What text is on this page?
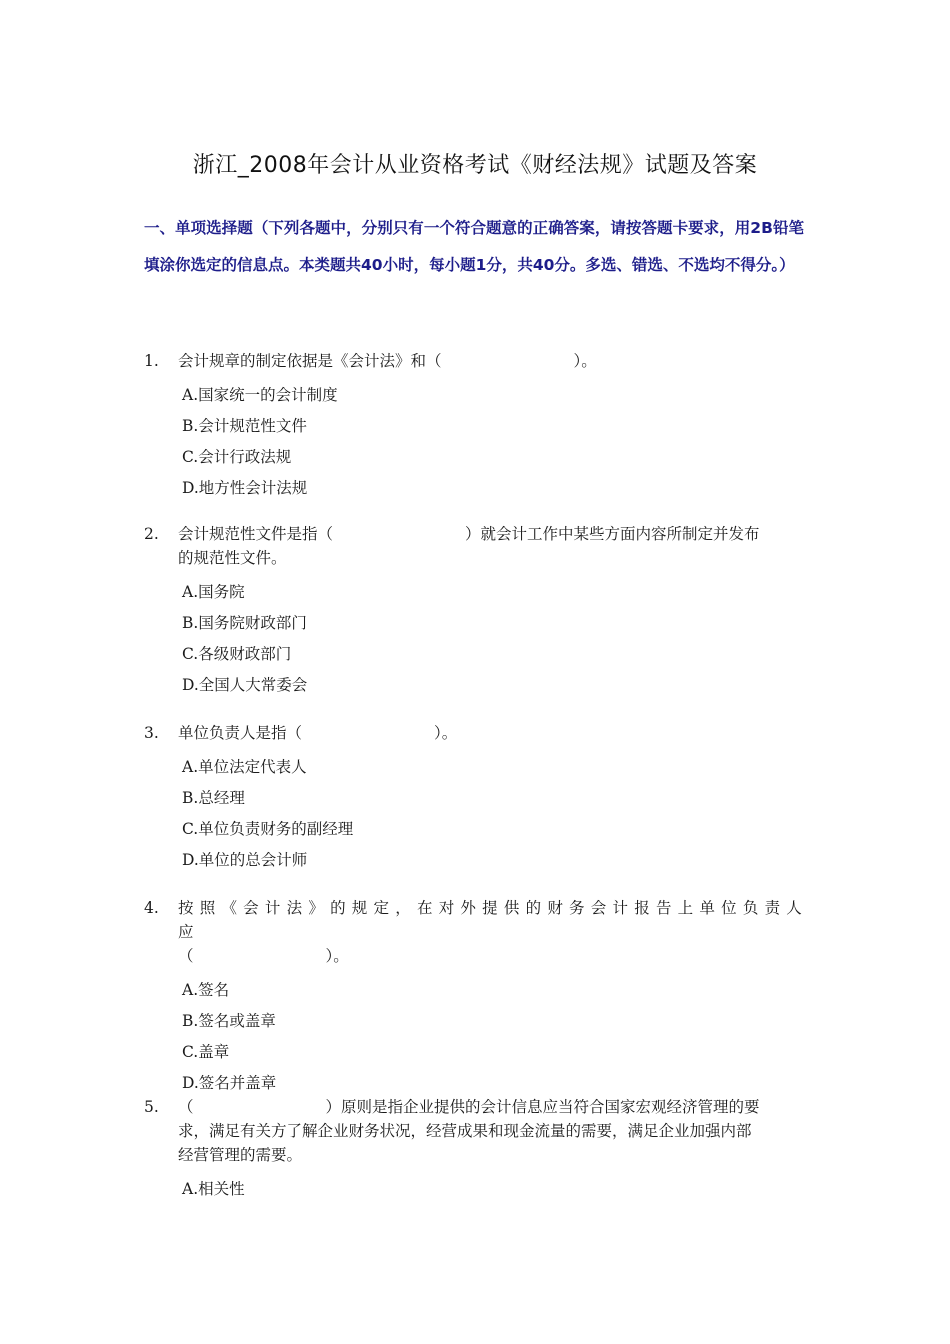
浙江_2008年会计从业资格考试《财经法规》试题及答案
一、单项选择题（下列各题中，分别只有一个符合题意的正确答案，请按答题卡要求，用2B铅笔填涂你选定的信息点。本类题共40小时，每小题1分，共40分。多选、错选、不选均不得分。）
1. 会计规章的制定依据是《会计法》和（	）。
A.国家统一的会计制度
B.会计规范性文件
C.会计行政法规
D.地方性会计法规
2. 会计规范性文件是指（	）就会计工作中某些方面内容所制定并发布
的规范性文件。
A.国务院
B.国务院财政部门
C.各级财政部门
D.全国人大常委会
3. 单位负责人是指（	）。
A.单位法定代表人
B.总经理
C.单位负责财务的副经理
D.单位的总会计师
4. 按照《会计法》的规定，在对外提供的财务会计报告上单位负责人应
（	）。
A.签名
B.签名或盖章
C.盖章
D.签名并盖章
5. （	）原则是指企业提供的会计信息应当符合国家宏观经济管理的要
求，满足有关方了解企业财务状况，经营成果和现金流量的需要，满足企业加强内部
经营管理的需要。
A.相关性
